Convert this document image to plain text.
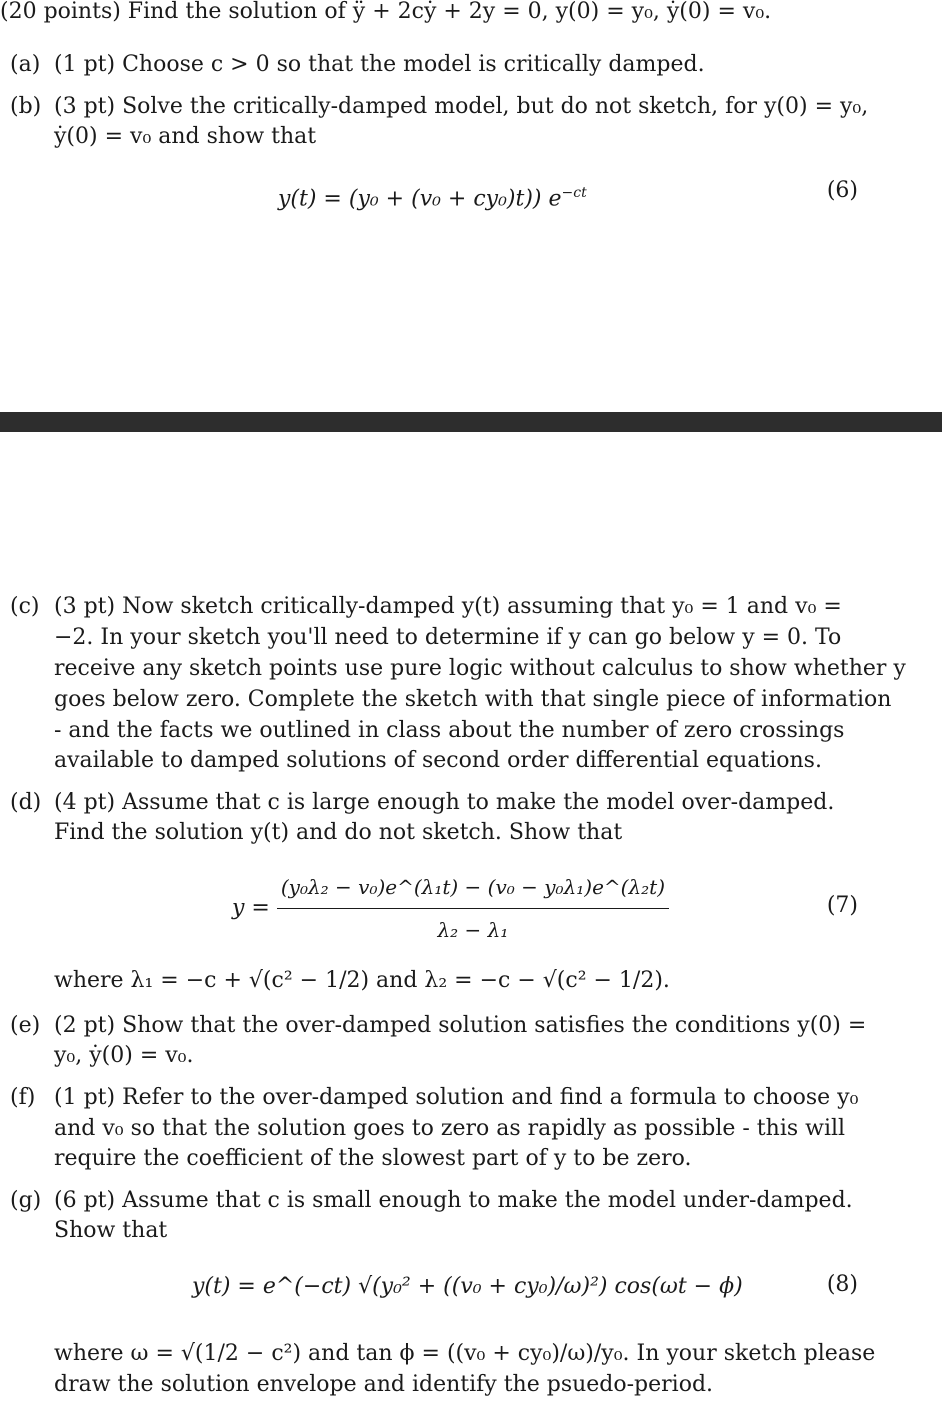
(20 points) Find the solution of ÿ + 2cẏ + 2y = 0, y(0) = y₀, ẏ(0) = v₀.
(a) (1 pt) Choose c > 0 so that the model is critically damped.
(b) (3 pt) Solve the critically-damped model, but do not sketch, for y(0) = y₀,
ẏ(0) = v₀ and show that
y(t) = (y₀ + (v₀ + cy₀)t)) $e^{-ct}$	(6)
(c) (3 pt) Now sketch critically-damped y(t) assuming that y₀ = 1 and v₀ =
−2. In your sketch you'll need to determine if y can go below y = 0. To
receive any sketch points use pure logic without calculus to show whether y
goes below zero. Complete the sketch with that single piece of information
- and the facts we outlined in class about the number of zero crossings
available to damped solutions of second order differential equations.
(d) (4 pt) Assume that c is large enough to make the model over-damped.
Find the solution y(t) and do not sketch. Show that
$y = \frac{\text{(y₀λ₂ − v₀)e\textasciicircum{}(λ₁t) − (v₀ − y₀λ₁)e\textasciicircum{}(λ₂t)}}{\text{λ₂ − λ₁}}$	(7)
where λ₁ = −c + √(c² − 1/2) and λ₂ = −c − √(c² − 1/2).
(e) (2 pt) Show that the over-damped solution satisfies the conditions y(0) =
y₀, ẏ(0) = v₀.
(f) (1 pt) Refer to the over-damped solution and find a formula to choose y₀
and v₀ so that the solution goes to zero as rapidly as possible - this will
require the coefficient of the slowest part of y to be zero.
(g) (6 pt) Assume that c is small enough to make the model under-damped.
Show that
y(t) = e^(−ct) √(y₀² + ((v₀ + cy₀)/ω)²) cos(ωt − ϕ)	(8)
where ω = √(1/2 − c²) and tan ϕ = ((v₀ + cy₀)/ω)/y₀. In your sketch please
draw the solution envelope and identify the psuedo-period.
